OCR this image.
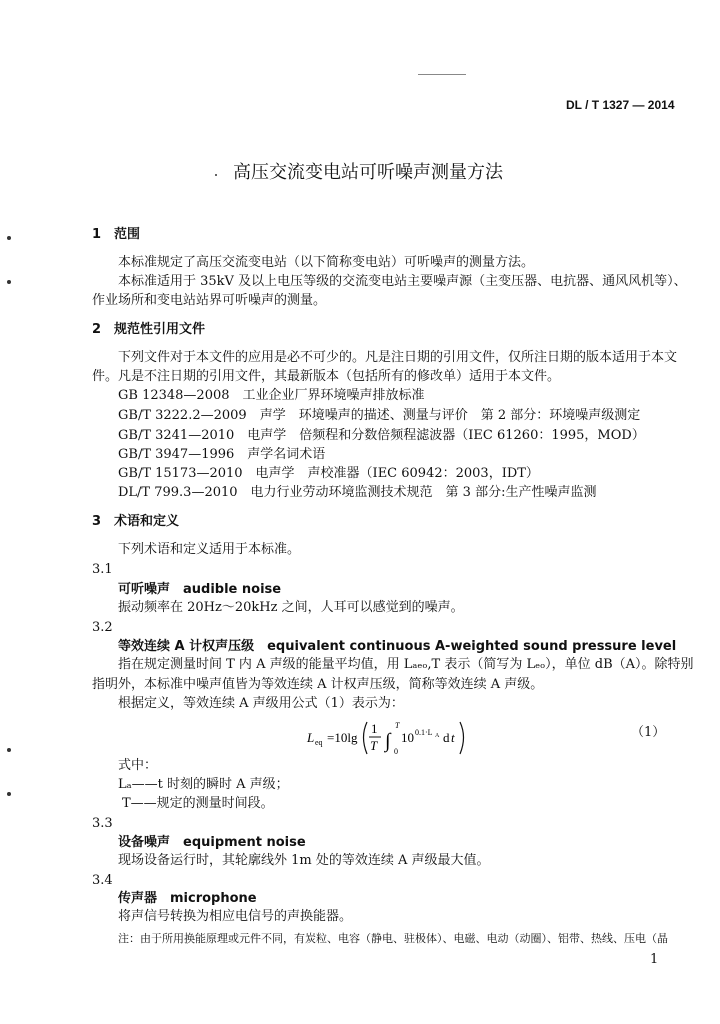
DL / T 1327 — 2014
高压交流变电站可听噪声测量方法
1　范围
本标准规定了高压交流变电站（以下简称变电站）可听噪声的测量方法。
本标准适用于 35kV 及以上电压等级的交流变电站主要噪声源（主变压器、电抗器、通风风机等）、
作业场所和变电站站界可听噪声的测量。
2　规范性引用文件
下列文件对于本文件的应用是必不可少的。凡是注日期的引用文件，仅所注日期的版本适用于本文
件。凡是不注日期的引用文件，其最新版本（包括所有的修改单）适用于本文件。
GB 12348—2008　工业企业厂界环境噪声排放标准
GB/T 3222.2—2009　声学　环境噪声的描述、测量与评价　第 2 部分：环境噪声级测定
GB/T 3241—2010　电声学　倍频程和分数倍频程滤波器（IEC 61260：1995，MOD）
GB/T 3947—1996　声学名词术语
GB/T 15173—2010　电声学　声校准器（IEC 60942：2003，IDT）
DL/T 799.3—2010　电力行业劳动环境监测技术规范　第 3 部分:生产性噪声监测
3　术语和定义
下列术语和定义适用于本标准。
3.1
可听噪声　audible noise
振动频率在 20Hz～20kHz 之间，人耳可以感觉到的噪声。
3.2
等效连续 A 计权声压级　equivalent continuous A-weighted sound pressure level
指在规定测量时间 T 内 A 声级的能量平均值，用 Lₐₑₒ,T 表示（简写为 Lₑₒ），单位 dB（A）。除特别
指明外，本标准中噪声值皆为等效连续 A 计权声压级，简称等效连续 A 声级。
根据定义，等效连续 A 声级用公式（1）表示为：
L eq =10lg
1
T ∫
T
0
10 0.1·L A d t	（1）
式中：
Lₐ——t 时刻的瞬时 A 声级；
T——规定的测量时间段。
3.3
设备噪声　equipment noise
现场设备运行时，其轮廓线外 1m 处的等效连续 A 声级最大值。
3.4
传声器　microphone
将声信号转换为相应电信号的声换能器。
注：由于所用换能原理或元件不同，有炭粒、电容（静电、驻极体）、电磁、电动（动圈）、铝带、热线、压电（晶
1
